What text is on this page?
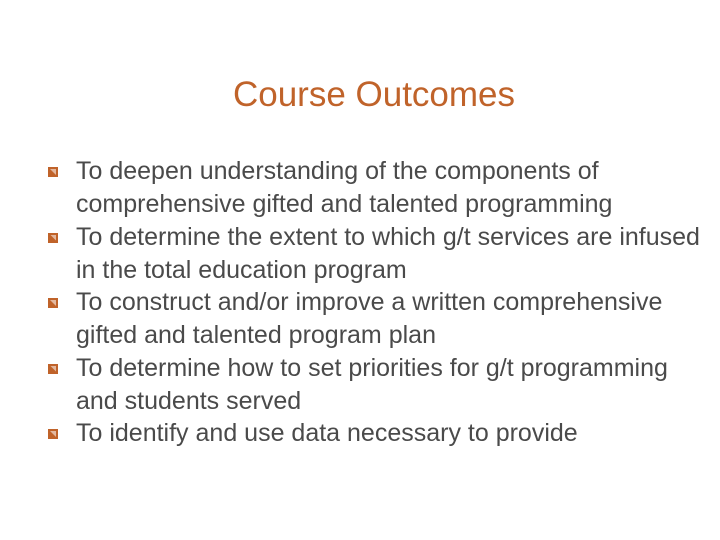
Course Outcomes
To deepen understanding of the components of comprehensive gifted and talented programming
To determine the extent to which g/t services are infused in the total education program
To construct and/or improve a written comprehensive gifted and talented program plan
To determine how to set priorities for g/t programming and students served
To identify and use data necessary to provide
